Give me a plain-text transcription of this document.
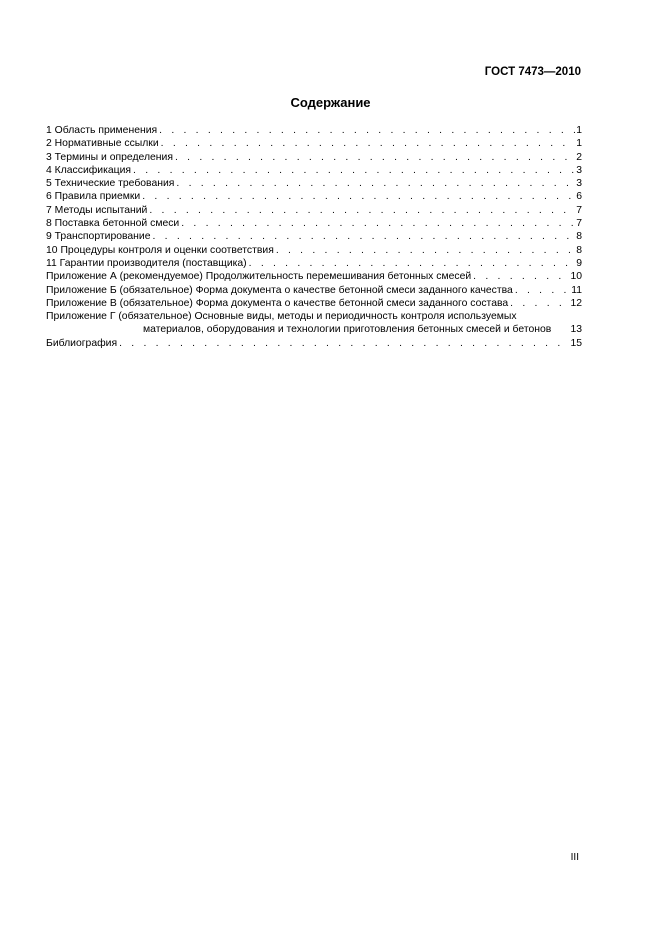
ГОСТ 7473—2010
Содержание
1 Область применения . . .	1
2 Нормативные ссылки . . .	1
3 Термины и определения . . .	2
4 Классификация . . .	3
5 Технические требования . . .	3
6 Правила приемки . . .	6
7 Методы испытаний . . .	7
8 Поставка бетонной смеси . . .	7
9 Транспортирование . . .	8
10 Процедуры контроля и оценки соответствия . . .	8
11 Гарантии производителя (поставщика) . . .	9
Приложение А (рекомендуемое) Продолжительность перемешивания бетонных смесей . . .	10
Приложение Б (обязательное) Форма документа о качестве бетонной смеси заданного качества . . .	11
Приложение В (обязательное) Форма документа о качестве бетонной смеси заданного состава . . .	12
Приложение Г (обязательное) Основные виды, методы и периодичность контроля используемых
материалов, оборудования и технологии приготовления бетонных смесей и бетонов	13
Библиография . . .	15
III
